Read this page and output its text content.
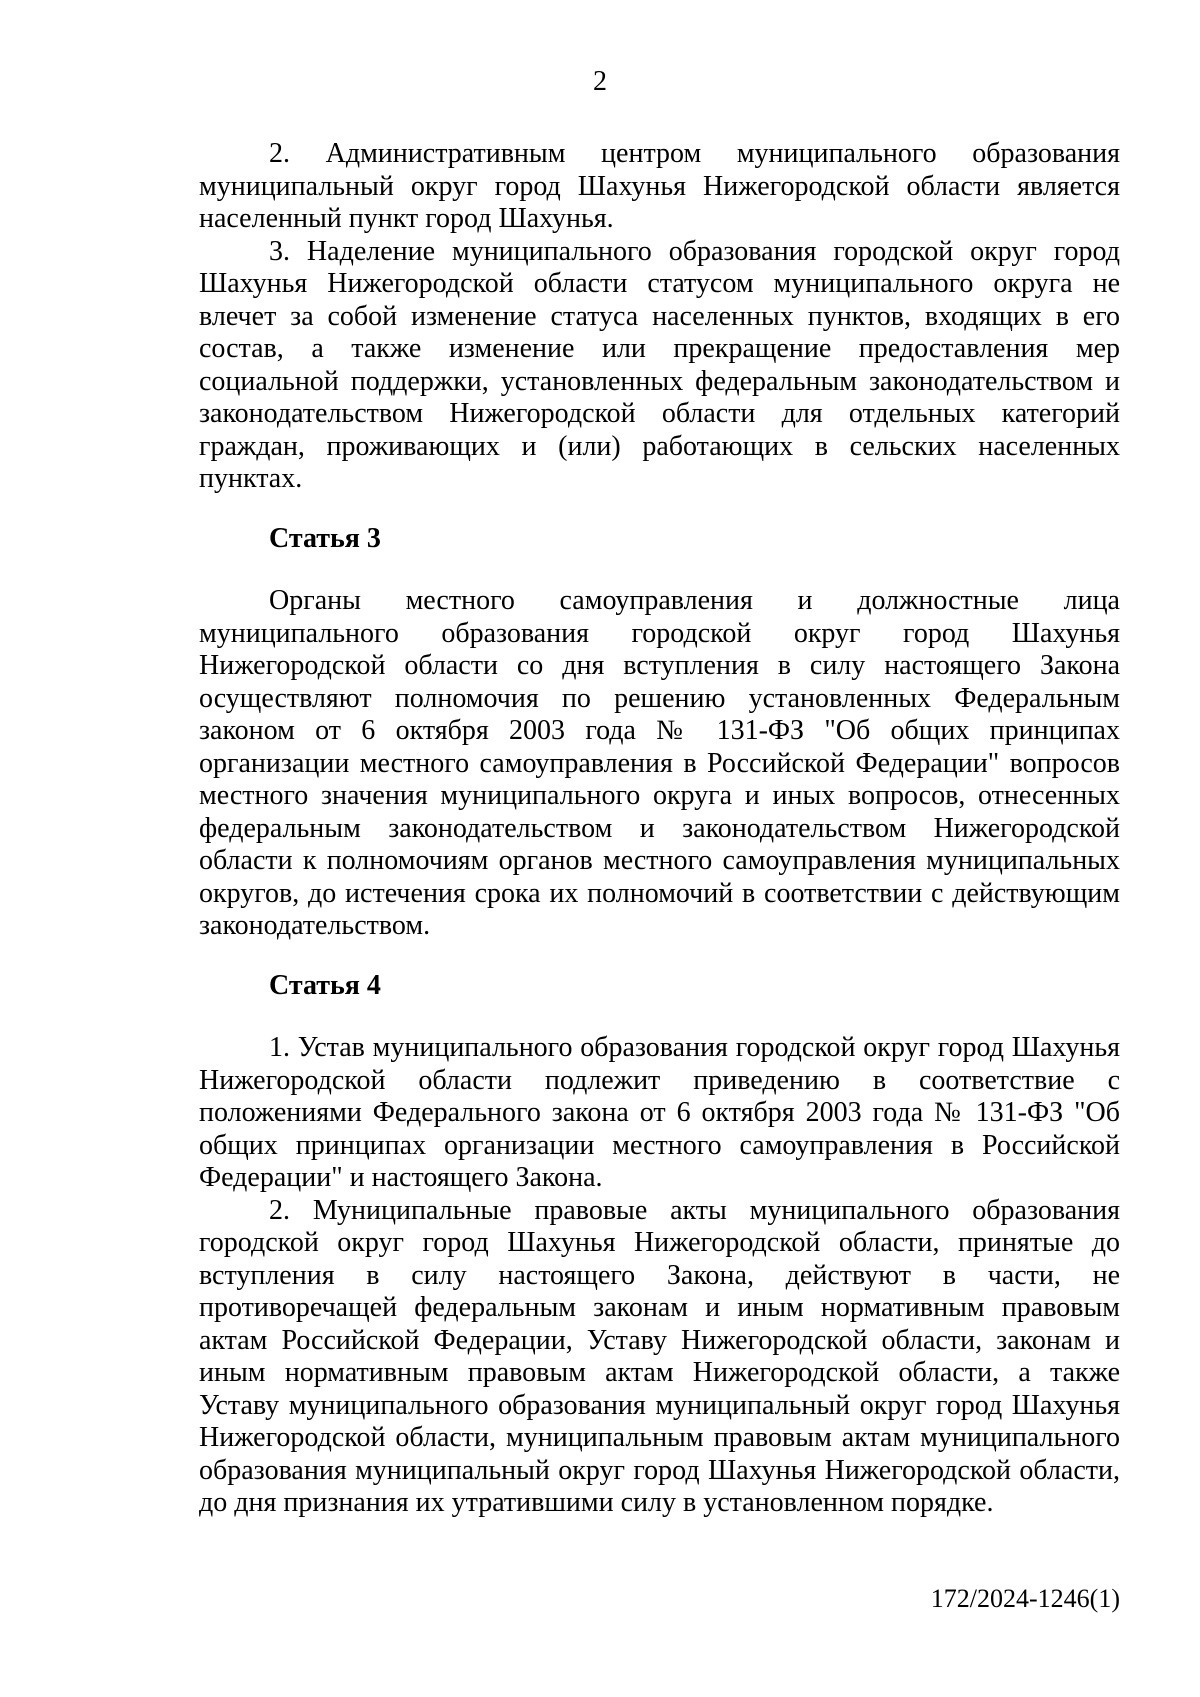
2

2. Административным центром муниципального образования муниципальный округ город Шахунья Нижегородской области является населенный пункт город Шахунья.

3. Наделение муниципального образования городской округ город Шахунья Нижегородской области статусом муниципального округа не влечет за собой изменение статуса населенных пунктов, входящих в его состав, а также изменение или прекращение предоставления мер социальной поддержки, установленных федеральным законодательством и законодательством Нижегородской области для отдельных категорий граждан, проживающих и (или) работающих в сельских населенных пунктах.

Статья 3

Органы местного самоуправления и должностные лица муниципального образования городской округ город Шахунья Нижегородской области со дня вступления в силу настоящего Закона осуществляют полномочия по решению установленных Федеральным законом от 6 октября 2003 года № 131-ФЗ "Об общих принципах организации местного самоуправления в Российской Федерации" вопросов местного значения муниципального округа и иных вопросов, отнесенных федеральным законодательством и законодательством Нижегородской области к полномочиям органов местного самоуправления муниципальных округов, до истечения срока их полномочий в соответствии с действующим законодательством.

Статья 4

1. Устав муниципального образования городской округ город Шахунья Нижегородской области подлежит приведению в соответствие с положениями Федерального закона от 6 октября 2003 года № 131-ФЗ "Об общих принципах организации местного самоуправления в Российской Федерации" и настоящего Закона.

2. Муниципальные правовые акты муниципального образования городской округ город Шахунья Нижегородской области, принятые до вступления в силу настоящего Закона, действуют в части, не противоречащей федеральным законам и иным нормативным правовым актам Российской Федерации, Уставу Нижегородской области, законам и иным нормативным правовым актам Нижегородской области, а также Уставу муниципального образования муниципальный округ город Шахунья Нижегородской области, муниципальным правовым актам муниципального образования муниципальный округ город Шахунья Нижегородской области, до дня признания их утратившими силу в установленном порядке.

172/2024-1246(1)
